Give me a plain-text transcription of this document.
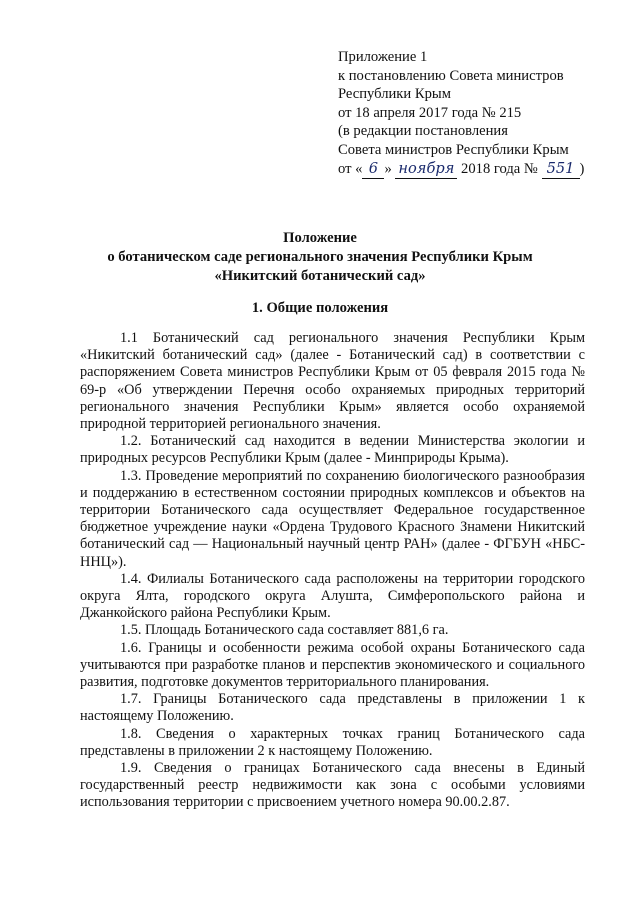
Приложение 1
к постановлению Совета министров
Республики Крым
от 18 апреля 2017 года № 215
(в редакции постановления
Совета министров Республики Крым
от « 6 » ноября 2018 года № 551 )
Положение
о ботаническом саде регионального значения Республики Крым
«Никитский ботанический сад»
1. Общие положения

1.1 Ботанический сад регионального значения Республики Крым «Никитский ботанический сад» (далее - Ботанический сад) в соответствии с распоряжением Совета министров Республики Крым от 05 февраля 2015 года № 69-р «Об утверждении Перечня особо охраняемых природных территорий регионального значения Республики Крым» является особо охраняемой природной территорией регионального значения.

1.2. Ботанический сад находится в ведении Министерства экологии и природных ресурсов Республики Крым (далее - Минприроды Крыма).

1.3. Проведение мероприятий по сохранению биологического разнообразия и поддержанию в естественном состоянии природных комплексов и объектов на территории Ботанического сада осуществляет Федеральное государственное бюджетное учреждение науки «Ордена Трудового Красного Знамени Никитский ботанический сад — Национальный научный центр РАН» (далее - ФГБУН «НБС-ННЦ»).

1.4. Филиалы Ботанического сада расположены на территории городского округа Ялта, городского округа Алушта, Симферопольского района и Джанкойского района Республики Крым.

1.5. Площадь Ботанического сада составляет 881,6 га.

1.6. Границы и особенности режима особой охраны Ботанического сада учитываются при разработке планов и перспектив экономического и социального развития, подготовке документов территориального планирования.

1.7. Границы Ботанического сада представлены в приложении 1 к настоящему Положению.

1.8. Сведения о характерных точках границ Ботанического сада представлены в приложении 2 к настоящему Положению.

1.9. Сведения о границах Ботанического сада внесены в Единый государственный реестр недвижимости как зона с особыми условиями использования территории с присвоением учетного номера 90.00.2.87.
